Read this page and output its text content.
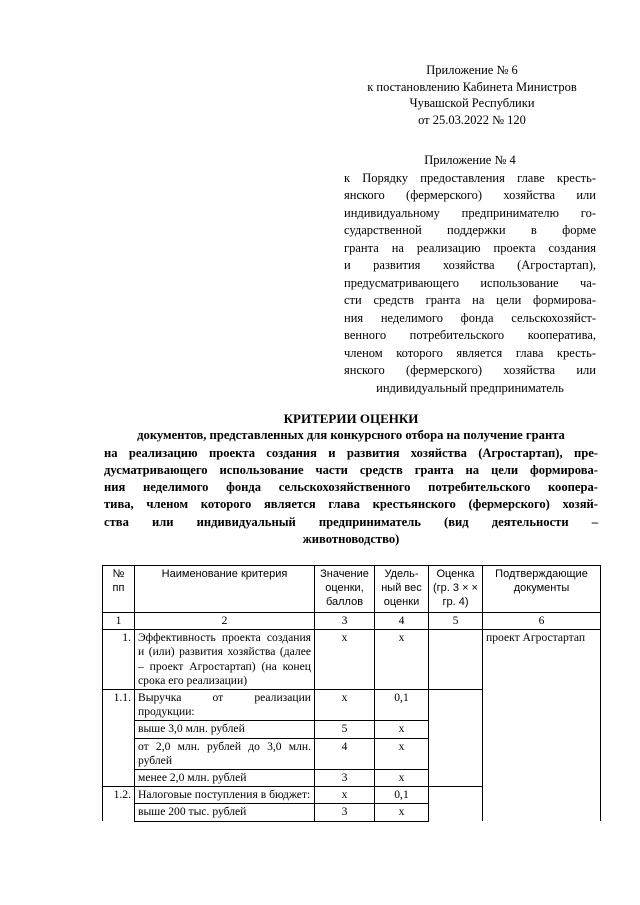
Приложение № 6
к постановлению Кабинета Министров
Чувашской Республики
от 25.03.2022 № 120
Приложение № 4
к Порядку предоставления главе кресть-
янского (фермерского) хозяйства или
индивидуальному предпринимателю го-
сударственной поддержки в форме
гранта на реализацию проекта создания
и развития хозяйства (Агростартап),
предусматривающего использование ча-
сти средств гранта на цели формирова-
ния неделимого фонда сельскохозяйст-
венного потребительского кооператива,
членом которого является глава кресть-
янского (фермерского) хозяйства или
индивидуальный предприниматель
КРИТЕРИИ ОЦЕНКИ
документов, представленных для конкурсного отбора на получение гранта
на реализацию проекта создания и развития хозяйства (Агростартап), пре-
дусматривающего использование части средств гранта на цели формирова-
ния неделимого фонда сельскохозяйственного потребительского коопера-
тива, членом которого является глава крестьянского (фермерского) хозяй-
ства или индивидуальный предприниматель (вид деятельности –
животноводство)
№ пп	Наименование критерия	Значение оценки, баллов	Удель-ный вес оценки	Оценка (гр. 3 × × гр. 4)	Подтверждающие документы
1	2	3	4	5	6
1.	Эффективность проекта создания и (или) развития хозяйства (далее – проект Агростартап) (на конец срока его реализации)	х	х		проект Агростартап
1.1.	Выручка от реализации продукции:	х	0,1		
	выше 3,0 млн. рублей	5	х		
	от 2,0 млн. рублей до 3,0 млн. рублей	4	х		
	менее 2,0 млн. рублей	3	х		
1.2.	Налоговые поступления в бюджет:	х	0,1		
	выше 200 тыс. рублей	3	х		
